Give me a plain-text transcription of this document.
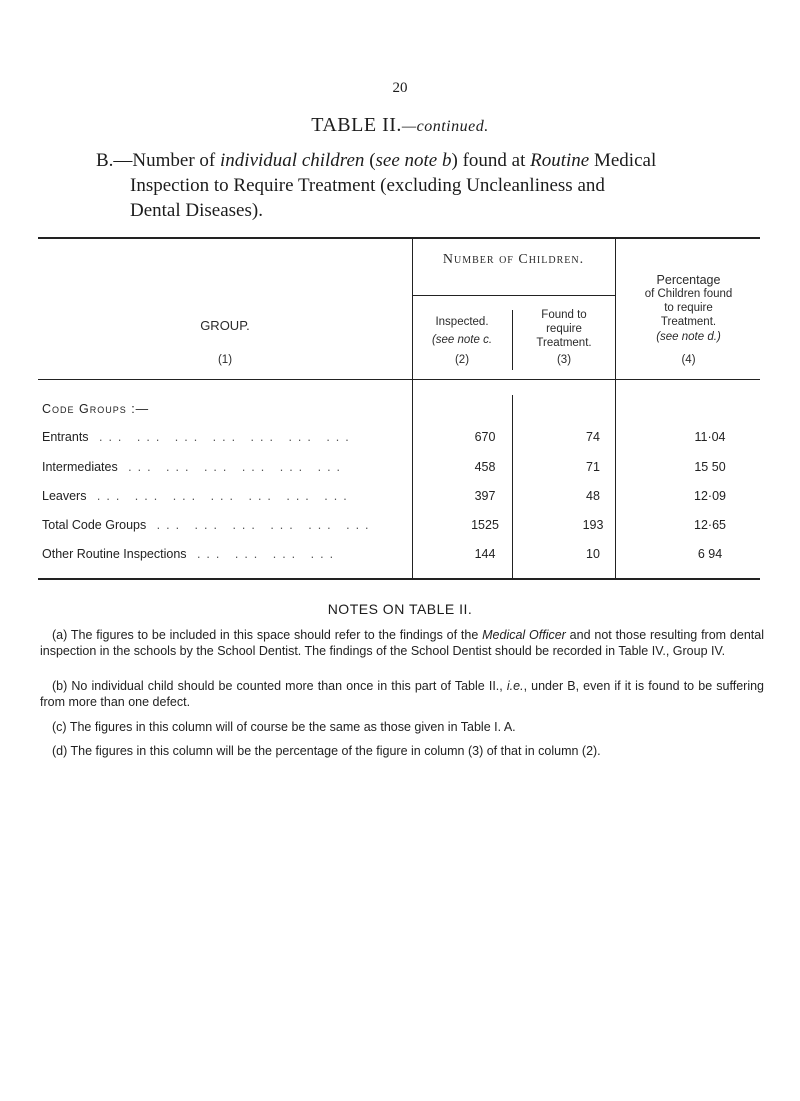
20
TABLE II.—continued.
B.—Number of individual children (see note b) found at Routine Medical
Inspection to Require Treatment (excluding Uncleanliness and
Dental Diseases).
GROUP.
(1)
Number of Children.
Inspected.
(see note c.
(2)
Found to
require
Treatment.
(3)
Percentage
of Children found
to require
Treatment.
(see note d.)
(4)
Code Groups :—
Entrants ... ... ... ... ... ... ...	670	74	11·04
Intermediates ... ... ... ... ... ...	458	71	15 50
Leavers ... ... ... ... ... ... ...	397	48	12·09
Total Code Groups ... ... ... ... ... ...	1525	193	12·65
Other Routine Inspections ... ... ... ...	144	10	6 94
NOTES ON TABLE II.
(a) The figures to be included in this space should refer to the findings of the Medical Officer and not those resulting from dental inspection in the schools by the School Dentist. The findings of the School Dentist should be recorded in Table IV., Group IV.
(b) No individual child should be counted more than once in this part of Table II., i.e., under B, even if it is found to be suffering from more than one defect.
(c) The figures in this column will of course be the same as those given in Table I. A.
(d) The figures in this column will be the percentage of the figure in column (3) of that in column (2).
